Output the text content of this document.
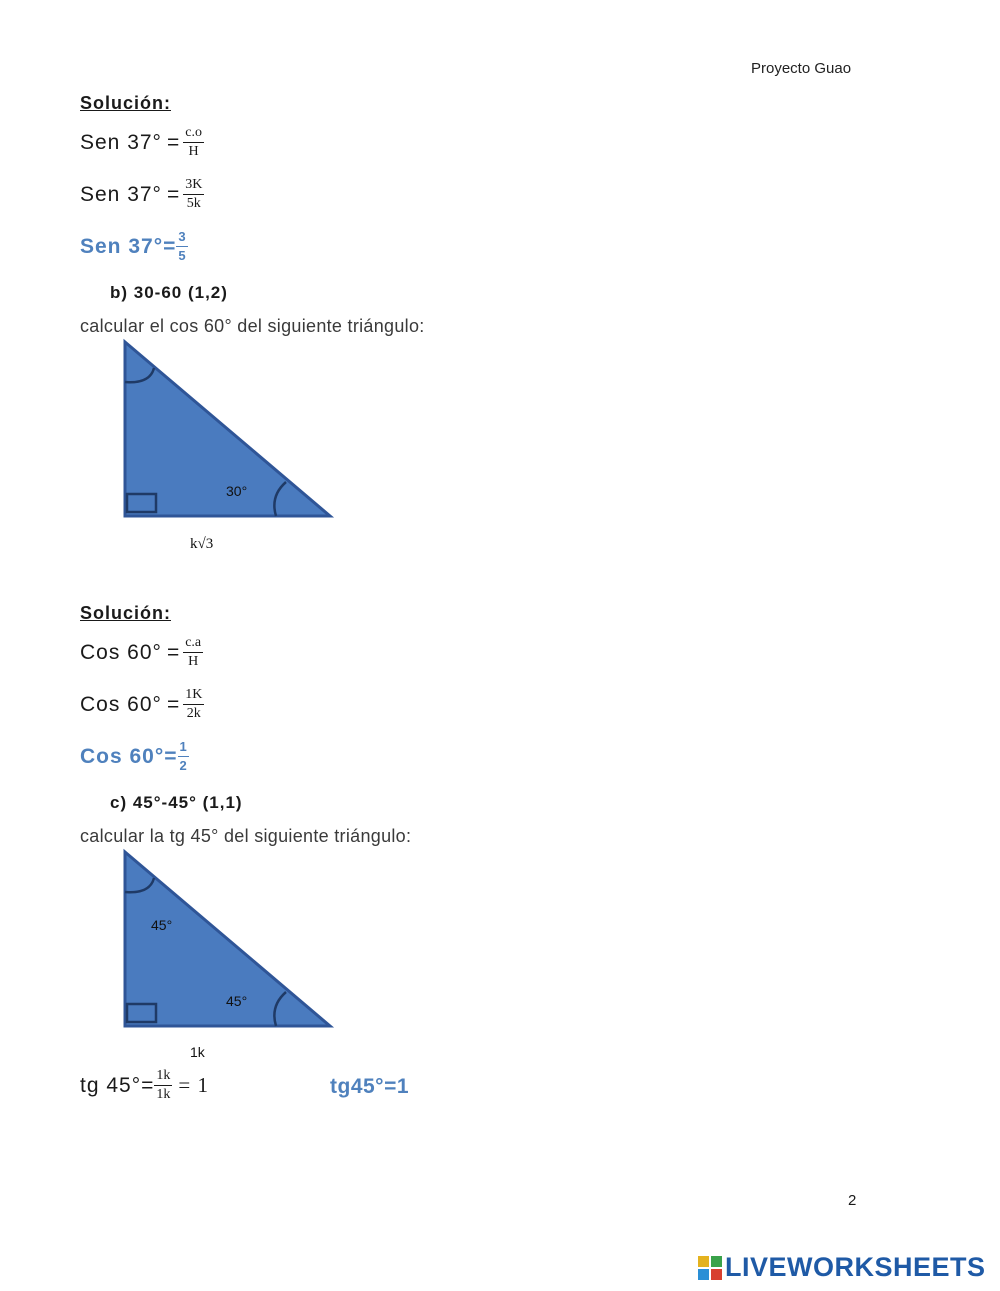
Proyecto Guao
Solución:
Sen $37^\circ = \frac{c.o}{H}$
Sen $37^\circ = \frac{3K}{5k}$
Sen $37^\circ= \frac{3}{5}$
b) 30-60 (1,2)
calcular el cos 60° del siguiente triángulo:
30°
k√3
Solución:
Cos $60^\circ = \frac{c.a}{H}$
Cos $60^\circ = \frac{1K}{2k}$
Cos $60^\circ= \frac{1}{2}$
c) 45°-45° (1,1)
calcular la tg 45° del siguiente triángulo:
45°
45°
1k
tg $45^\circ= \frac{1k}{1k} = 1$	tg45°=1
2
LIVEWORKSHEETS
